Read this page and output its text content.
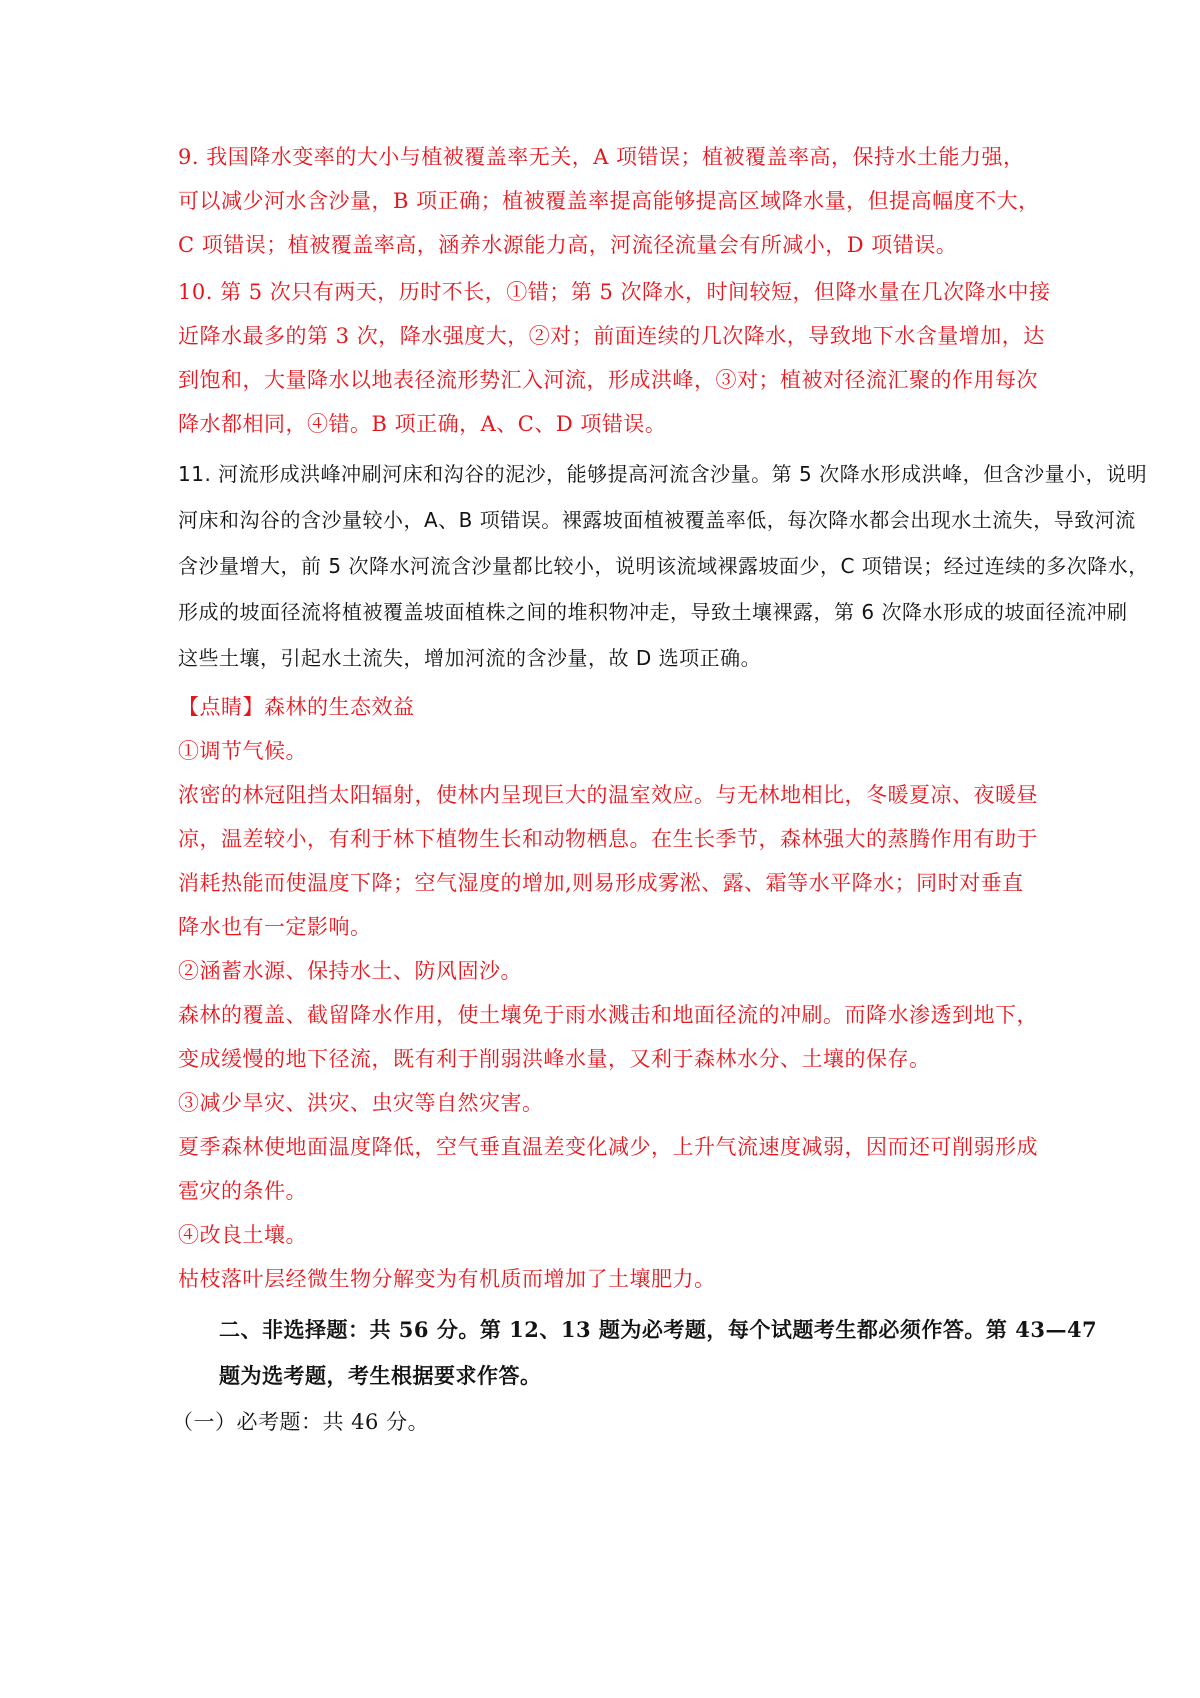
9. 我国降水变率的大小与植被覆盖率无关，A 项错误；植被覆盖率高，保持水土能力强，
可以减少河水含沙量，B 项正确；植被覆盖率提高能够提高区域降水量，但提高幅度不大，
C 项错误；植被覆盖率高，涵养水源能力高，河流径流量会有所减小，D 项错误。
10. 第 5 次只有两天，历时不长，①错；第 5 次降水，时间较短，但降水量在几次降水中接
近降水最多的第 3 次，降水强度大，②对；前面连续的几次降水，导致地下水含量增加，达
到饱和，大量降水以地表径流形势汇入河流，形成洪峰，③对；植被对径流汇聚的作用每次
降水都相同，④错。B 项正确，A、C、D 项错误。
11. 河流形成洪峰冲刷河床和沟谷的泥沙，能够提高河流含沙量。第 5 次降水形成洪峰，但含沙量小，说明
河床和沟谷的含沙量较小，A、B 项错误。裸露坡面植被覆盖率低，每次降水都会出现水土流失，导致河流
含沙量增大，前 5 次降水河流含沙量都比较小，说明该流域裸露坡面少，C 项错误；经过连续的多次降水，
形成的坡面径流将植被覆盖坡面植株之间的堆积物冲走，导致土壤裸露，第 6 次降水形成的坡面径流冲刷
这些土壤，引起水土流失，增加河流的含沙量，故 D 选项正确。
【点睛】森林的生态效益
①调节气候。
浓密的林冠阻挡太阳辐射，使林内呈现巨大的温室效应。与无林地相比，冬暖夏凉、夜暖昼
凉，温差较小，有利于林下植物生长和动物栖息。在生长季节，森林强大的蒸腾作用有助于
消耗热能而使温度下降；空气湿度的增加,则易形成雾淞、露、霜等水平降水；同时对垂直
降水也有一定影响。
②涵蓄水源、保持水土、防风固沙。
森林的覆盖、截留降水作用，使土壤免于雨水溅击和地面径流的冲刷。而降水渗透到地下，
变成缓慢的地下径流，既有利于削弱洪峰水量，又利于森林水分、土壤的保存。
③减少旱灾、洪灾、虫灾等自然灾害。
夏季森林使地面温度降低，空气垂直温差变化减少，上升气流速度减弱，因而还可削弱形成
雹灾的条件。
④改良土壤。
枯枝落叶层经微生物分解变为有机质而增加了土壤肥力。
二、非选择题：共 56 分。第 12、13 题为必考题，每个试题考生都必须作答。第 43—47
题为选考题，考生根据要求作答。
（一）必考题：共 46 分。
